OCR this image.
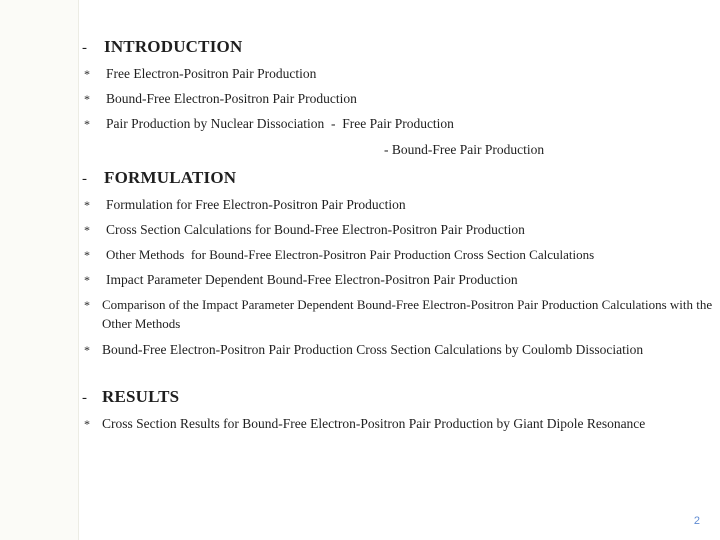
- INTRODUCTION
* Free Electron-Positron Pair Production
* Bound-Free Electron-Positron Pair Production
* Pair Production by Nuclear Dissociation  -  Free Pair Production
- Bound-Free Pair Production
- FORMULATION
* Formulation for Free Electron-Positron Pair Production
* Cross Section Calculations for Bound-Free Electron-Positron Pair Production
* Other Methods  for Bound-Free Electron-Positron Pair Production Cross Section Calculations
* Impact Parameter Dependent Bound-Free Electron-Positron Pair Production
*Comparison of the Impact Parameter Dependent Bound-Free Electron-Positron Pair Production Calculations with the Other Methods
*Bound-Free Electron-Positron Pair Production Cross Section Calculations by Coulomb Dissociation
- RESULTS
* Cross Section Results for Bound-Free Electron-Positron Pair Production by Giant Dipole Resonance
2
